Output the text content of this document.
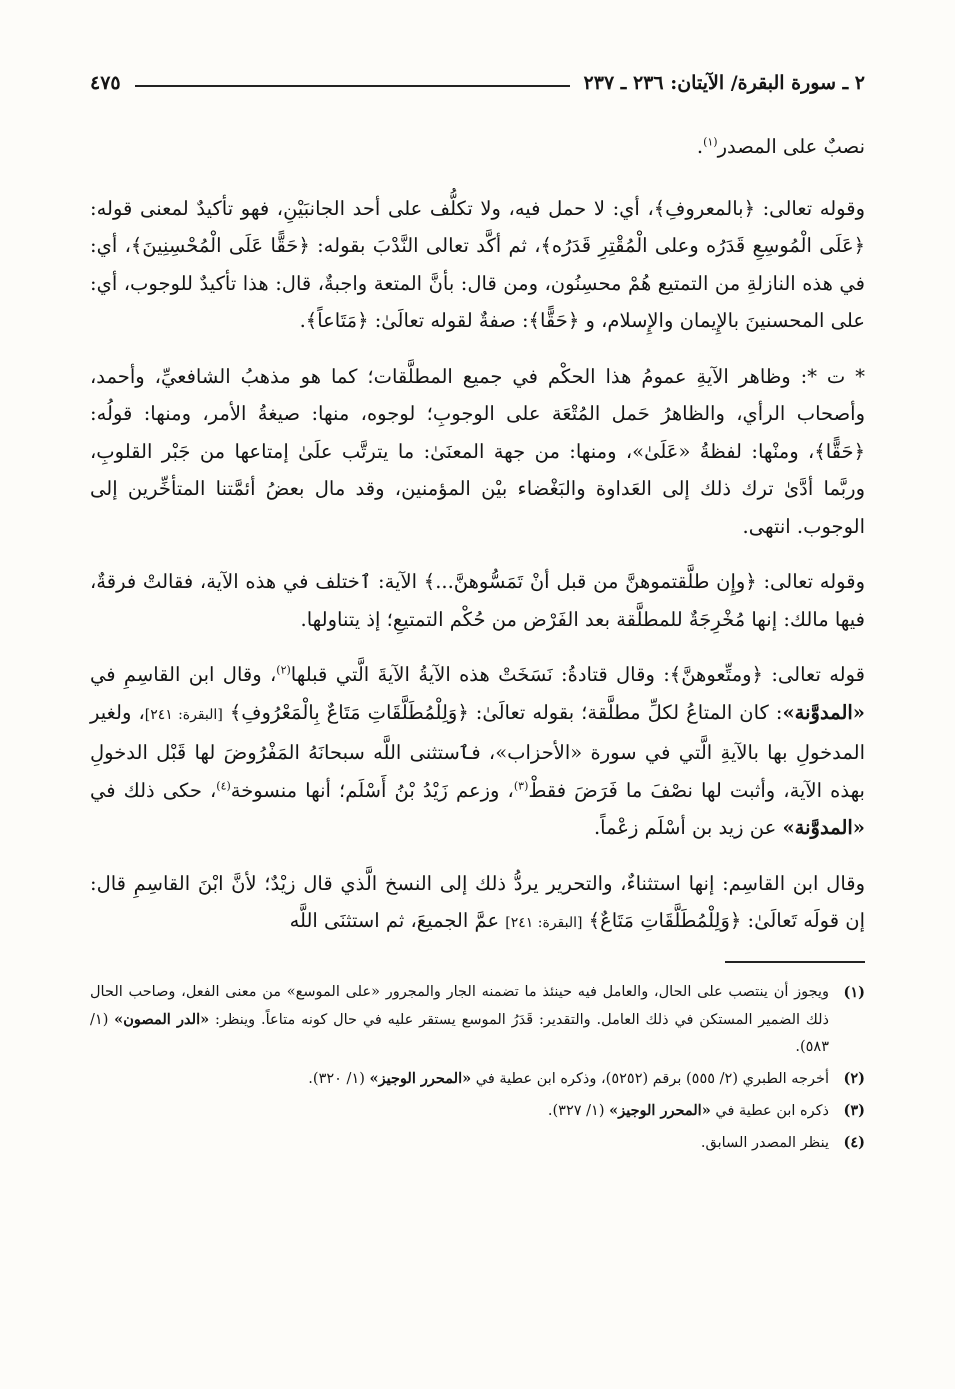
٢ ـ سورة البقرة/ الآيتان: ٢٣٦ ـ ٢٣٧
٤٧٥

نصبٌ على المصدر$^{(١)}$.

وقوله تعالى: ﴿بالمعروفِ﴾، أي: لا حمل فيه، ولا تكلُّف على أحد الجانبَيْنِ، فهو تأكيدٌ لمعنى قوله: ﴿عَلَى الْمُوسِعِ قَدَرُه وعلى الْمُقْتِرِ قَدَرُه﴾، ثم أكَّد تعالى النَّدْبَ بقوله: ﴿حَقًّا عَلَى الْمُحْسِنِينَ﴾، أي: في هذه النازلةِ من التمتيع هُمْ محسِنُون، ومن قال: بأنَّ المتعة واجبةٌ، قال: هذا تأكيدٌ للوجوب، أي: على المحسنينَ بالإِيمان والإِسلام، و ﴿حَقًّا﴾: صفةٌ لقوله تعالَىٰ: ﴿مَتَاعاً﴾.

* ت *: وظاهر الآيةِ عمومُ هذا الحكْم في جميع المطلَّقات؛ كما هو مذهبُ الشافعيِّ، وأحمد، وأصحاب الرأي، والظاهرُ حَمل المُتْعَة على الوجوبِ؛ لوجوه، منها: صيغةُ الأمر، ومنها: قولُه: ﴿حَقًّا﴾، ومنْها: لفظةُ «عَلَىٰ»، ومنها: من جهة المعنَىٰ: ما يترتَّب علَىٰ إمتاعها من جَبْر القلوبِ، وربَّما أدَّىٰ ترك ذلك إلى العَداوة والبَغْضاء بيْن المؤمنين، وقد مال بعضُ أئمَّتنا المتأخِّرين إلى الوجوب. انتهى.

وقوله تعالى: ﴿وإِن طلَّقتموهنَّ من قبل أنْ تَمَسُّوهنَّ...﴾ الآية: ٱختلف في هذه الآية، فقالتْ فرقةٌ، فيها مالك: إنها مُخْرِجَةٌ للمطلَّقة بعد الفَرْض من حُكْم التمتيعِ؛ إذ يتناولها.

قوله تعالى: ﴿ومتِّعوهنَّ﴾: وقال قتادةُ: نَسَخَتْ هذه الآيةُ الآيةَ الَّتي قبلها$^{(٢)}$، وقال ابن القاسِمِ في «المدوَّنة»: كان المتاعُ لكلِّ مطلَّقة؛ بقوله تعالَىٰ: ﴿وَلِلْمُطَلَّقَاتِ مَتَاعٌ بِالْمَعْرُوفِ﴾ [البقرة: ٢٤١]، ولغير المدخولِ بها بالآيةِ الَّتي في سورة «الأحزاب»، فٱستثنى اللَّه سبحانَهُ المَفْرُوضَ لها قَبْل الدخولِ بهذه الآية، وأثبت لها نصْفَ ما فَرَضَ فقطْ$^{(٣)}$، وزعم زَيْدُ بْنُ أَسْلَم؛ أنها منسوخة$^{(٤)}$، حكى ذلك في «المدوَّنة» عن زيد بن أسْلَم زعْماً.

وقال ابن القاسِم: إنها استثناءٌ، والتحرير يردُّ ذلك إلى النسخ الَّذي قال زيْدٌ؛ لأنَّ ابْنَ القاسِمِ قال: إن قولَه تَعالَىٰ: ﴿وَلِلْمُطَلَّقَاتِ مَتَاعٌ﴾ [البقرة: ٢٤١] عمَّ الجميعَ، ثم استثنَى اللَّه

(١)
ويجوز أن ينتصب على الحال، والعامل فيه حينئذ ما تضمنه الجار والمجرور «على الموسع» من معنى الفعل، وصاحب الحال ذلك الضمير المستكن في ذلك العامل. والتقدير: قَدَرُ الموسع يستقر عليه في حال كونه متاعاً. وينظر: «الدر المصون» (١/ ٥٨٣).
(٢)
أخرجه الطبري (٢/ ٥٥٥) برقم (٥٢٥٢)، وذكره ابن عطية في «المحرر الوجيز» (١/ ٣٢٠).
(٣)
ذكره ابن عطية في «المحرر الوجيز» (١/ ٣٢٧).
(٤)
ينظر المصدر السابق.
